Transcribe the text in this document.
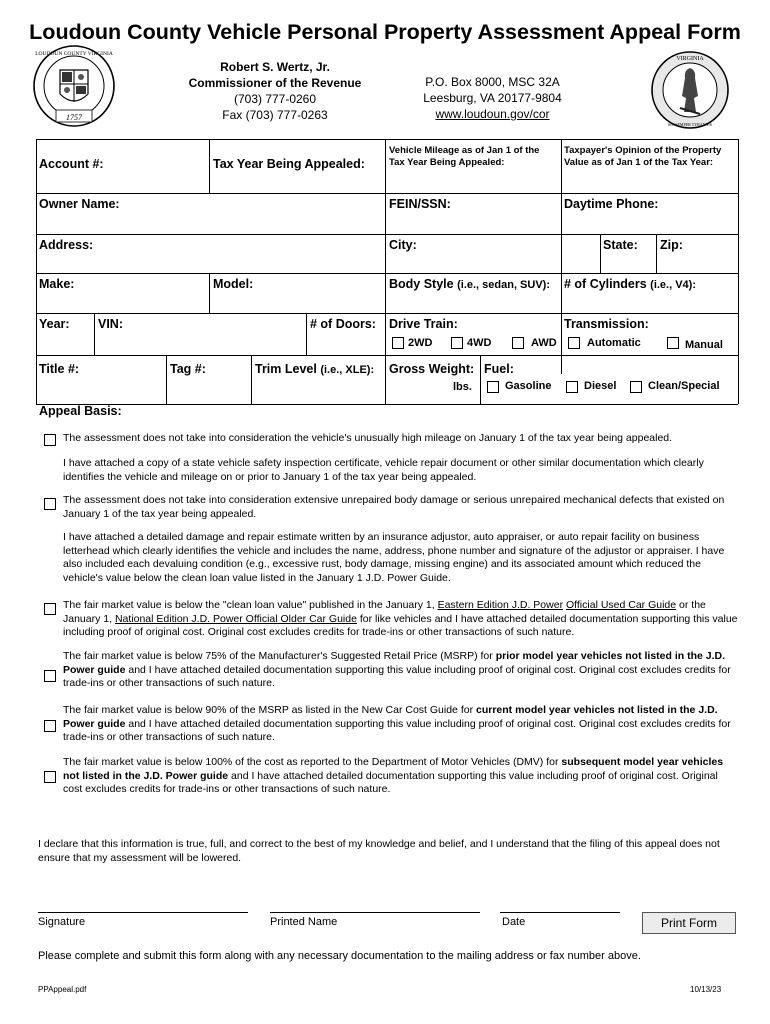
Loudoun County Vehicle Personal Property Assessment Appeal Form
1757
LOUDOUN COUNTY VIRGINIA
Robert S. Wertz, Jr.
Commissioner of the Revenue
(703) 777-0260
Fax (703) 777-0263
P.O. Box 8000, MSC 32A
Leesburg, VA 20177-9804
www.loudoun.gov/cor
VIRGINIA
SIC SEMPER TYRANNIS
Account #:	Tax Year Being Appealed:
Vehicle Mileage as of Jan 1 of the
Tax Year Being Appealed:
Taxpayer's Opinion of the Property
Value as of Jan 1 of the Tax Year:
Owner Name:	FEIN/SSN:	Daytime Phone:
Address:	City:	State: Zip:
Make:	Model:	Body Style (i.e., sedan, SUV): # of Cylinders (i.e., V4):
Year: VIN:	# of Doors: Drive Train:	Transmission:
2WD	4WD	AWD	Automatic	Manual
Title #:	Tag #:	Trim Level (i.e., XLE): Gross Weight:
lbs.
Fuel:
Gasoline	Diesel	Clean/Special
Appeal Basis:
The assessment does not take into consideration the vehicle's unusually high mileage on January 1 of the tax year being appealed.
I have attached a copy of a state vehicle safety inspection certificate, vehicle repair document or other similar documentation which clearly identifies the vehicle and mileage on or prior to January 1 of the tax year being appealed.
The assessment does not take into consideration extensive unrepaired body damage or serious unrepaired mechanical defects that existed on January 1 of the tax year being appealed.
I have attached a detailed damage and repair estimate written by an insurance adjustor, auto appraiser, or auto repair facility on business letterhead which clearly identifies the vehicle and includes the name, address, phone number and signature of the adjustor or appraiser. I have also included each devaluing condition (e.g., excessive rust, body damage, missing engine) and its associated amount which reduced the vehicle's value below the clean loan value listed in the January 1 J.D. Power Guide.
The fair market value is below the "clean loan value" published in the January 1, Eastern Edition J.D. Power Official Used Car Guide or the January 1, National Edition J.D. Power Official Older Car Guide for like vehicles and I have attached detailed documentation supporting this value including proof of original cost. Original cost excludes credits for trade-ins or other transactions of such nature.
The fair market value is below 75% of the Manufacturer's Suggested Retail Price (MSRP) for prior model year vehicles not listed in the J.D. Power guide and I have attached detailed documentation supporting this value including proof of original cost. Original cost excludes credits for trade-ins or other transactions of such nature.
The fair market value is below 90% of the MSRP as listed in the New Car Cost Guide for current model year vehicles not listed in the J.D. Power guide and I have attached detailed documentation supporting this value including proof of original cost. Original cost excludes credits for trade-ins or other transactions of such nature.
The fair market value is below 100% of the cost as reported to the Department of Motor Vehicles (DMV) for subsequent model year vehicles not listed in the J.D. Power guide and I have attached detailed documentation supporting this value including proof of original cost. Original cost excludes credits for trade-ins or other transactions of such nature.
I declare that this information is true, full, and correct to the best of my knowledge and belief, and I understand that the filing of this appeal does not ensure that my assessment will be lowered.
Signature	Printed Name	Date	Print Form
Please complete and submit this form along with any necessary documentation to the mailing address or fax number above.
PPAppeal.pdf	10/13/23
